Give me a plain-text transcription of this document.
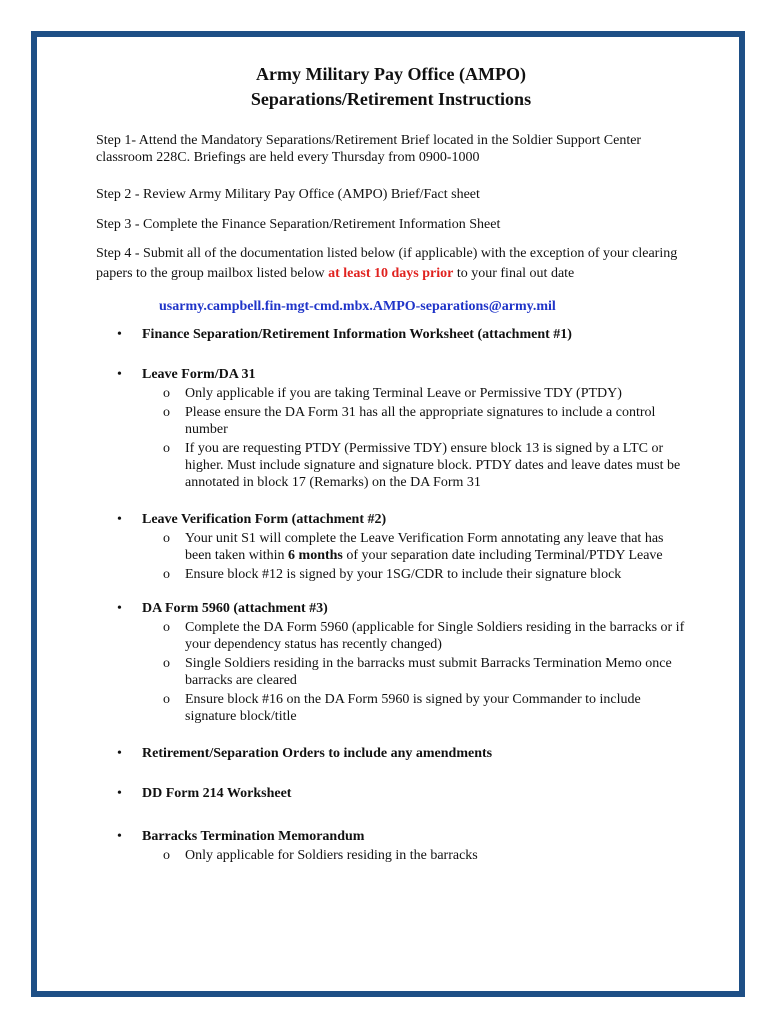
Army Military Pay Office (AMPO)
Separations/Retirement Instructions

Step 1- Attend the Mandatory Separations/Retirement Brief located in the Soldier Support Center classroom 228C. Briefings are held every Thursday from 0900-1000

Step 2 - Review Army Military Pay Office (AMPO) Brief/Fact sheet

Step 3 - Complete the Finance Separation/Retirement Information Sheet

Step 4 - Submit all of the documentation listed below (if applicable) with the exception of your clearing papers to the group mailbox listed below at least 10 days prior to your final out date

usarmy.campbell.fin-mgt-cmd.mbx.AMPO-separations@army.mil

• Finance Separation/Retirement Information Worksheet (attachment #1)
• Leave Form/DA 31
o Only applicable if you are taking Terminal Leave or Permissive TDY (PTDY)
o Please ensure the DA Form 31 has all the appropriate signatures to include a control number
o If you are requesting PTDY (Permissive TDY) ensure block 13 is signed by a LTC or higher. Must include signature and signature block. PTDY dates and leave dates must be annotated in block 17 (Remarks) on the DA Form 31
• Leave Verification Form (attachment #2)
o Your unit S1 will complete the Leave Verification Form annotating any leave that has been taken within 6 months of your separation date including Terminal/PTDY Leave
o Ensure block #12 is signed by your 1SG/CDR to include their signature block
• DA Form 5960 (attachment #3)
o Complete the DA Form 5960 (applicable for Single Soldiers residing in the barracks or if your dependency status has recently changed)
o Single Soldiers residing in the barracks must submit Barracks Termination Memo once barracks are cleared
o Ensure block #16 on the DA Form 5960 is signed by your Commander to include signature block/title
• Retirement/Separation Orders to include any amendments
• DD Form 214 Worksheet
• Barracks Termination Memorandum
o Only applicable for Soldiers residing in the barracks
